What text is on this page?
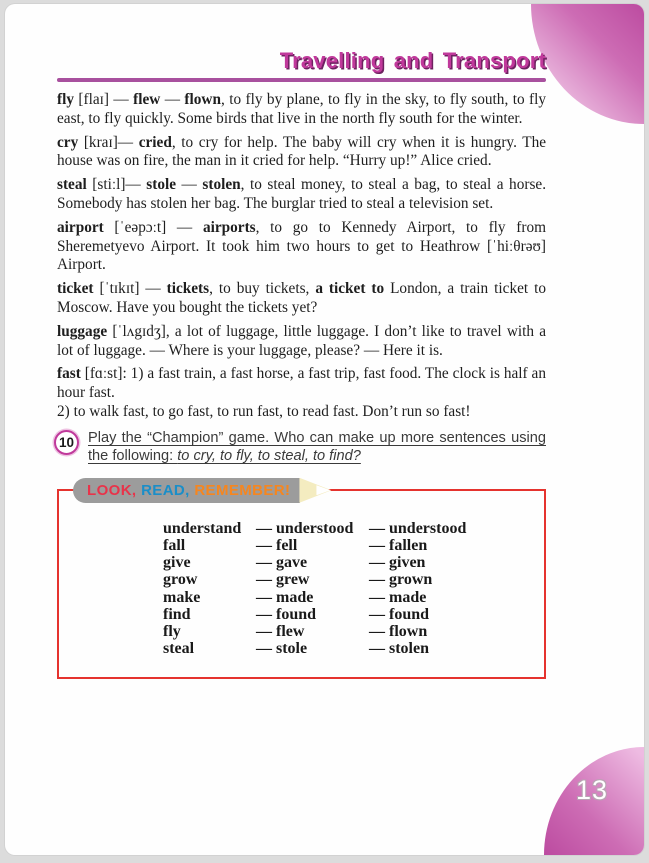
13
Travelling and Transport

fly [flaɪ] — flew — flown, to fly by plane, to fly in the sky, to fly south, to fly east, to fly quickly. Some birds that live in the north fly south for the winter.

cry [kraɪ]— cried, to cry for help. The baby will cry when it is hungry. The house was on fire, the man in it cried for help. “Hurry up!” Alice cried.

steal [stiːl]— stole — stolen, to steal money, to steal a bag, to steal a horse. Somebody has stolen her bag. The burglar tried to steal a television set.

airport [ˈeəpɔːt] — airports, to go to Kennedy Airport, to fly from Sheremetyevo Airport. It took him two hours to get to Heathrow [ˈhiːθrəʊ] Airport.

ticket [ˈtɪkɪt] — tickets, to buy tickets, a ticket to London, a train ticket to Moscow. Have you bought the tickets yet?

luggage [ˈlʌgɪdʒ], a lot of luggage, little luggage. I don’t like to travel with a lot of luggage. — Where is your luggage, please? — Here it is.

fast [fɑːst]: 1) a fast train, a fast horse, a fast trip, fast food. The clock is half an hour fast.
2) to walk fast, to go fast, to run fast, to read fast. Don’t run so fast!

10 Play the “Champion” game. Who can make up more sentences using the following: to cry, to fly, to steal, to find?
LOOK, READ, REMEMBER!
understand — understood — understood
fall	— fell	— fallen
give	— gave	— given
grow	— grew	— grown
make	— made	— made
find	— found	— found
fly	— flew	— flown
steal	— stole	— stolen
